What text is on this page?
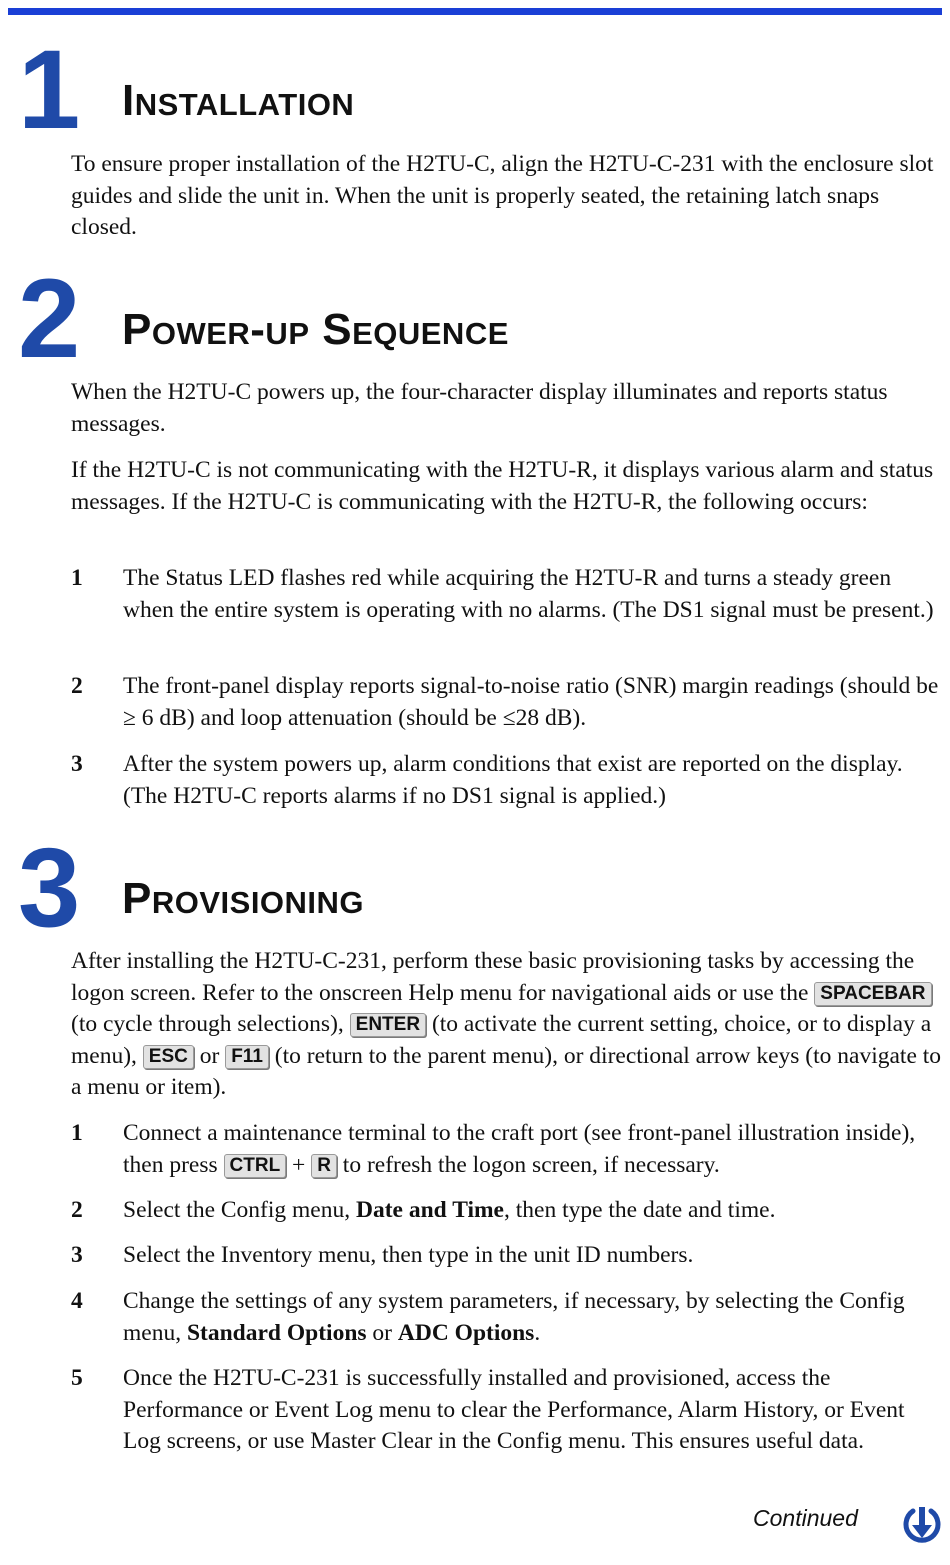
1 Installation

To ensure proper installation of the H2TU-C, align the H2TU-C-231 with the enclosure slot guides and slide the unit in. When the unit is properly seated, the retaining latch snaps closed.

2 Power-up Sequence

When the H2TU-C powers up, the four-character display illuminates and reports status messages.

If the H2TU-C is not communicating with the H2TU-R, it displays various alarm and status messages. If the H2TU-C is communicating with the H2TU-R, the following occurs:

1 The Status LED flashes red while acquiring the H2TU-R and turns a steady green when the entire system is operating with no alarms. (The DS1 signal must be present.)
2 The front-panel display reports signal-to-noise ratio (SNR) margin readings (should be ≥ 6 dB) and loop attenuation (should be ≤28 dB).
3 After the system powers up, alarm conditions that exist are reported on the display. (The H2TU-C reports alarms if no DS1 signal is applied.)
3 Provisioning

After installing the H2TU-C-231, perform these basic provisioning tasks by accessing the logon screen. Refer to the onscreen Help menu for navigational aids or use the SPACEBAR (to cycle through selections), ENTER (to activate the current setting, choice, or to display a menu), ESC or F11 (to return to the parent menu), or directional arrow keys (to navigate to a menu or item).

1 Connect a maintenance terminal to the craft port (see front-panel illustration inside), then press CTRL + R to refresh the logon screen, if necessary.
2 Select the Config menu, Date and Time, then type the date and time.
3 Select the Inventory menu, then type in the unit ID numbers.
4 Change the settings of any system parameters, if necessary, by selecting the Config menu, Standard Options or ADC Options.
5 Once the H2TU-C-231 is successfully installed and provisioned, access the Performance or Event Log menu to clear the Performance, Alarm History, or Event Log screens, or use Master Clear in the Config menu. This ensures useful data.
Continued
